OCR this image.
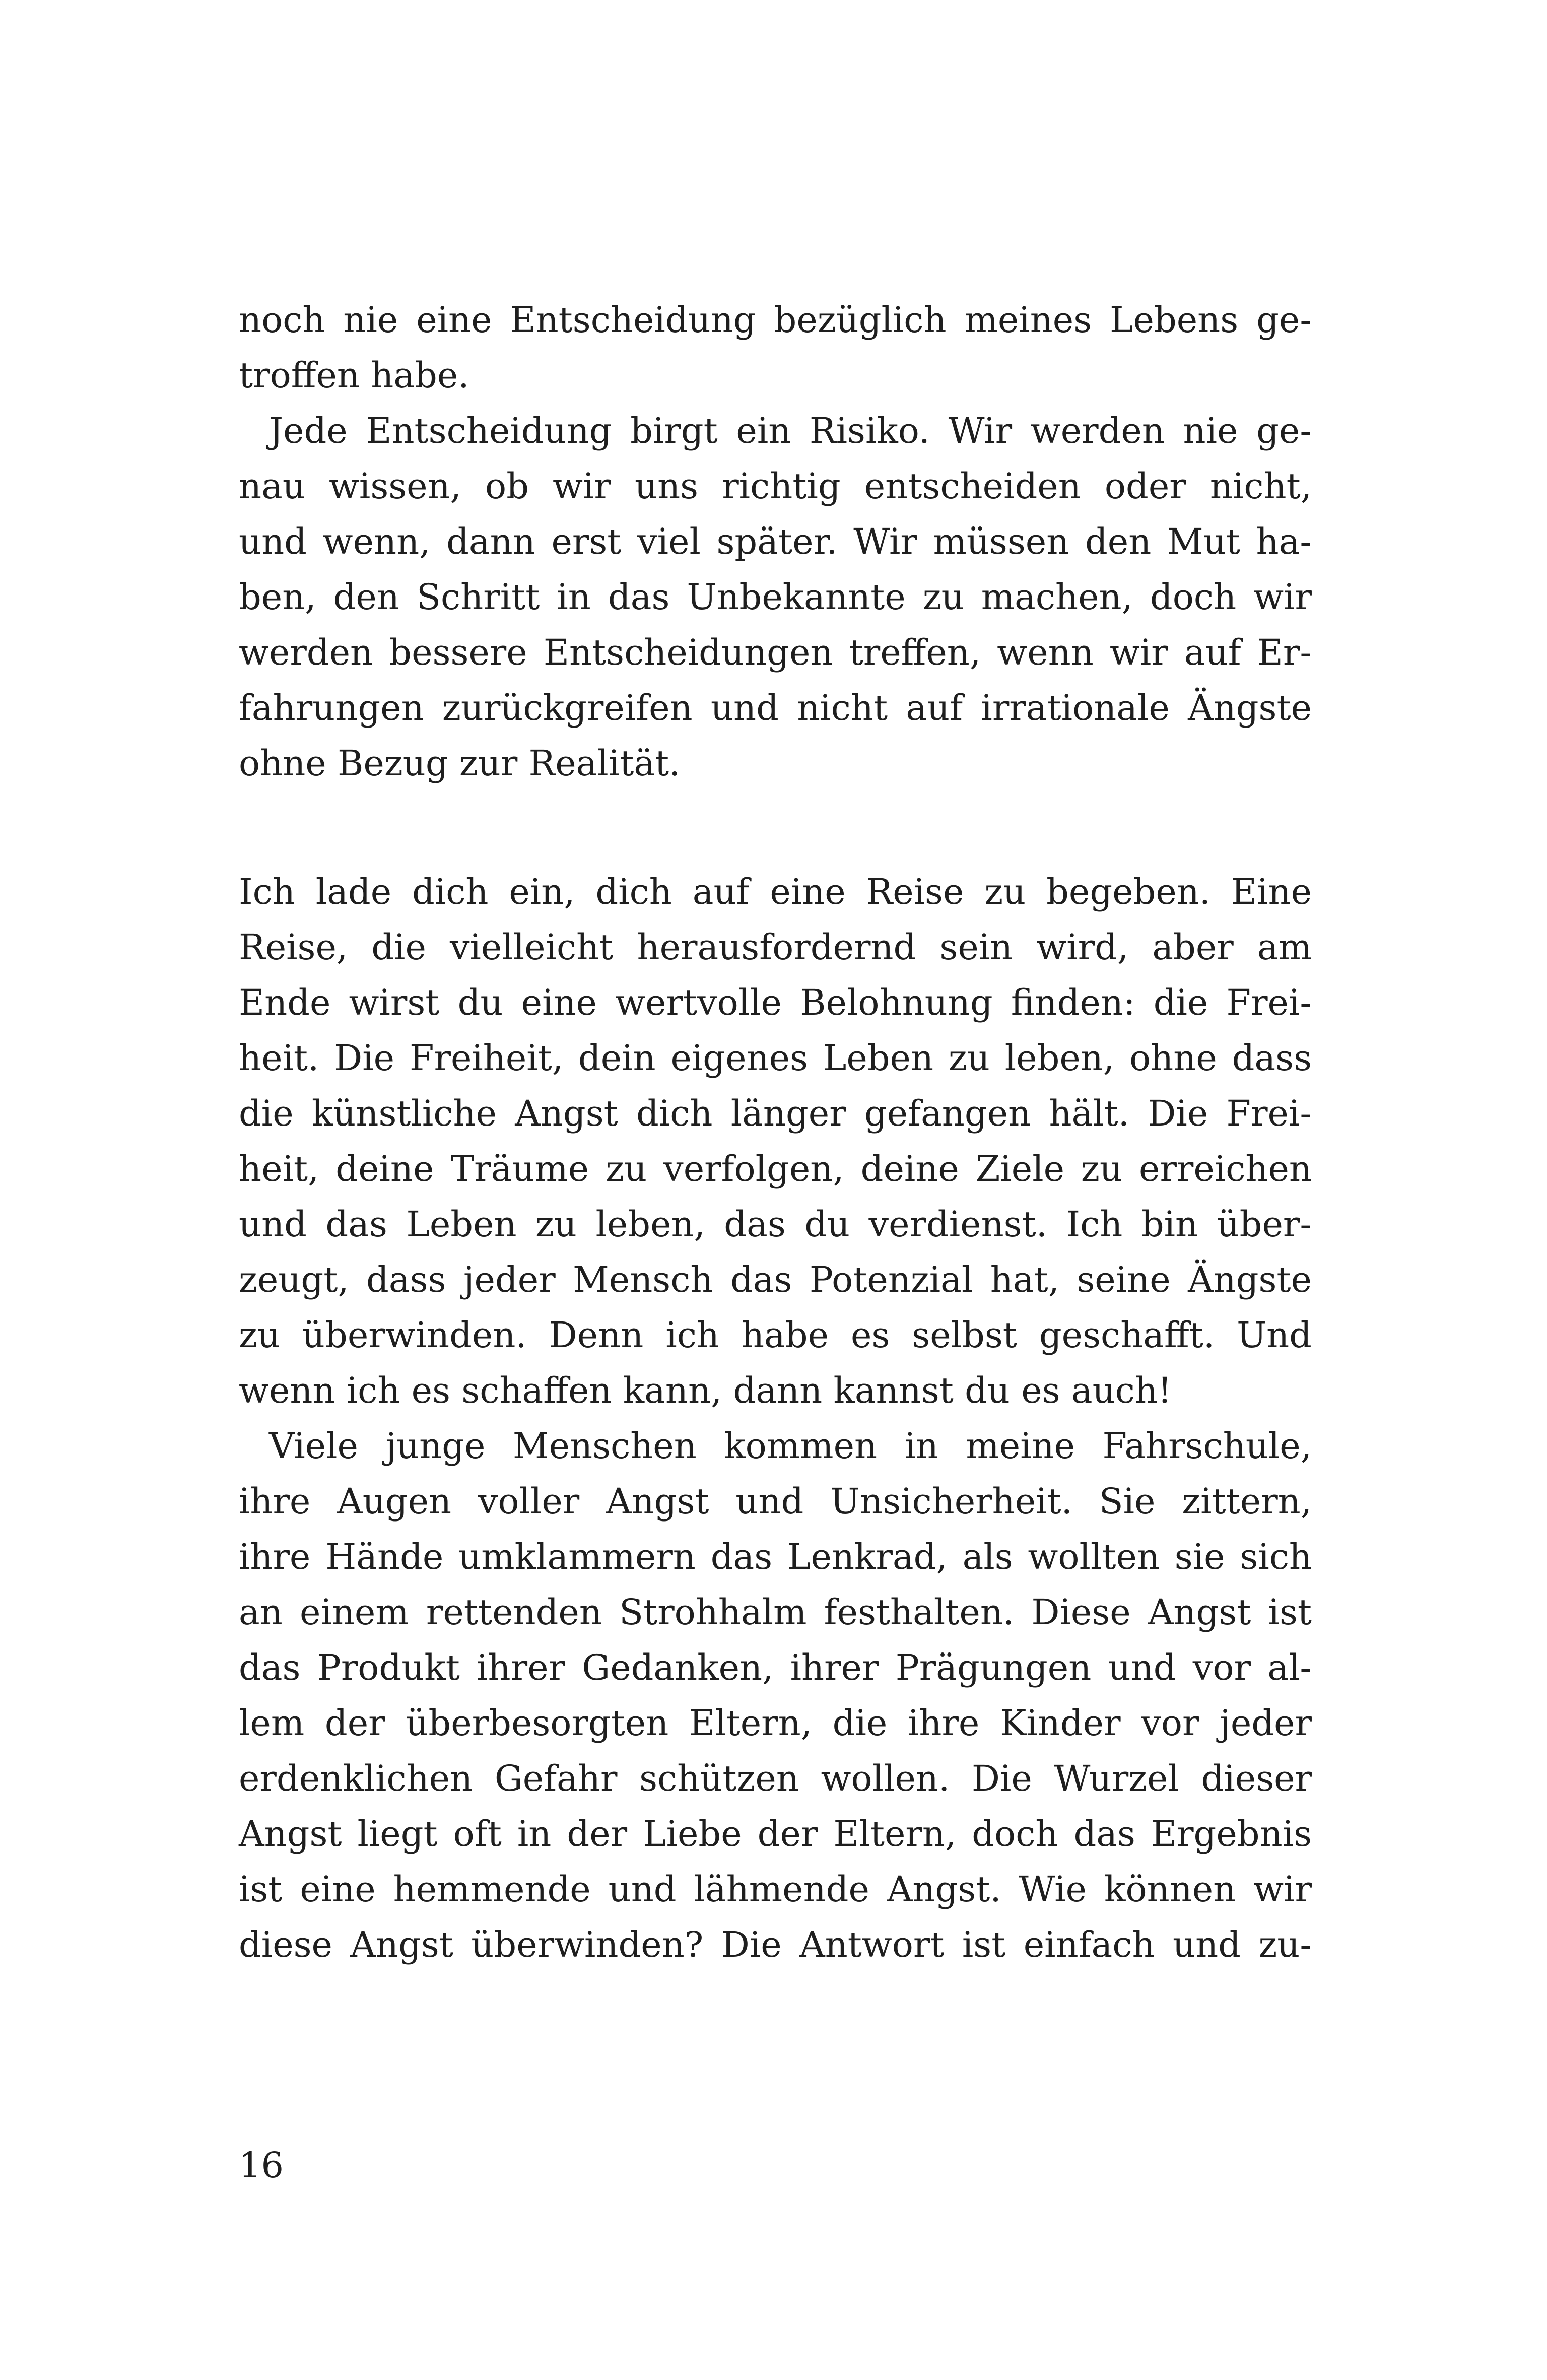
noch nie eine Entscheidung bezüglich meines Lebens ge-
troffen habe.
Jede Entscheidung birgt ein Risiko. Wir werden nie ge-
nau wissen, ob wir uns richtig entscheiden oder nicht,
und wenn, dann erst viel später. Wir müssen den Mut ha-
ben, den Schritt in das Unbekannte zu machen, doch wir
werden bessere Entscheidungen treffen, wenn wir auf Er-
fahrungen zurückgreifen und nicht auf irrationale Ängste
ohne Bezug zur Realität.
Ich lade dich ein, dich auf eine Reise zu begeben. Eine
Reise, die vielleicht herausfordernd sein wird, aber am
Ende wirst du eine wertvolle Belohnung finden: die Frei-
heit. Die Freiheit, dein eigenes Leben zu leben, ohne dass
die künstliche Angst dich länger gefangen hält. Die Frei-
heit, deine Träume zu verfolgen, deine Ziele zu erreichen
und das Leben zu leben, das du verdienst. Ich bin über-
zeugt, dass jeder Mensch das Potenzial hat, seine Ängste
zu überwinden. Denn ich habe es selbst geschafft. Und
wenn ich es schaffen kann, dann kannst du es auch!
Viele junge Menschen kommen in meine Fahrschule,
ihre Augen voller Angst und Unsicherheit. Sie zittern,
ihre Hände umklammern das Lenkrad, als wollten sie sich
an einem rettenden Strohhalm festhalten. Diese Angst ist
das Produkt ihrer Gedanken, ihrer Prägungen und vor al-
lem der überbesorgten Eltern, die ihre Kinder vor jeder
erdenklichen Gefahr schützen wollen. Die Wurzel dieser
Angst liegt oft in der Liebe der Eltern, doch das Ergebnis
ist eine hemmende und lähmende Angst. Wie können wir
diese Angst überwinden? Die Antwort ist einfach und zu-
16
